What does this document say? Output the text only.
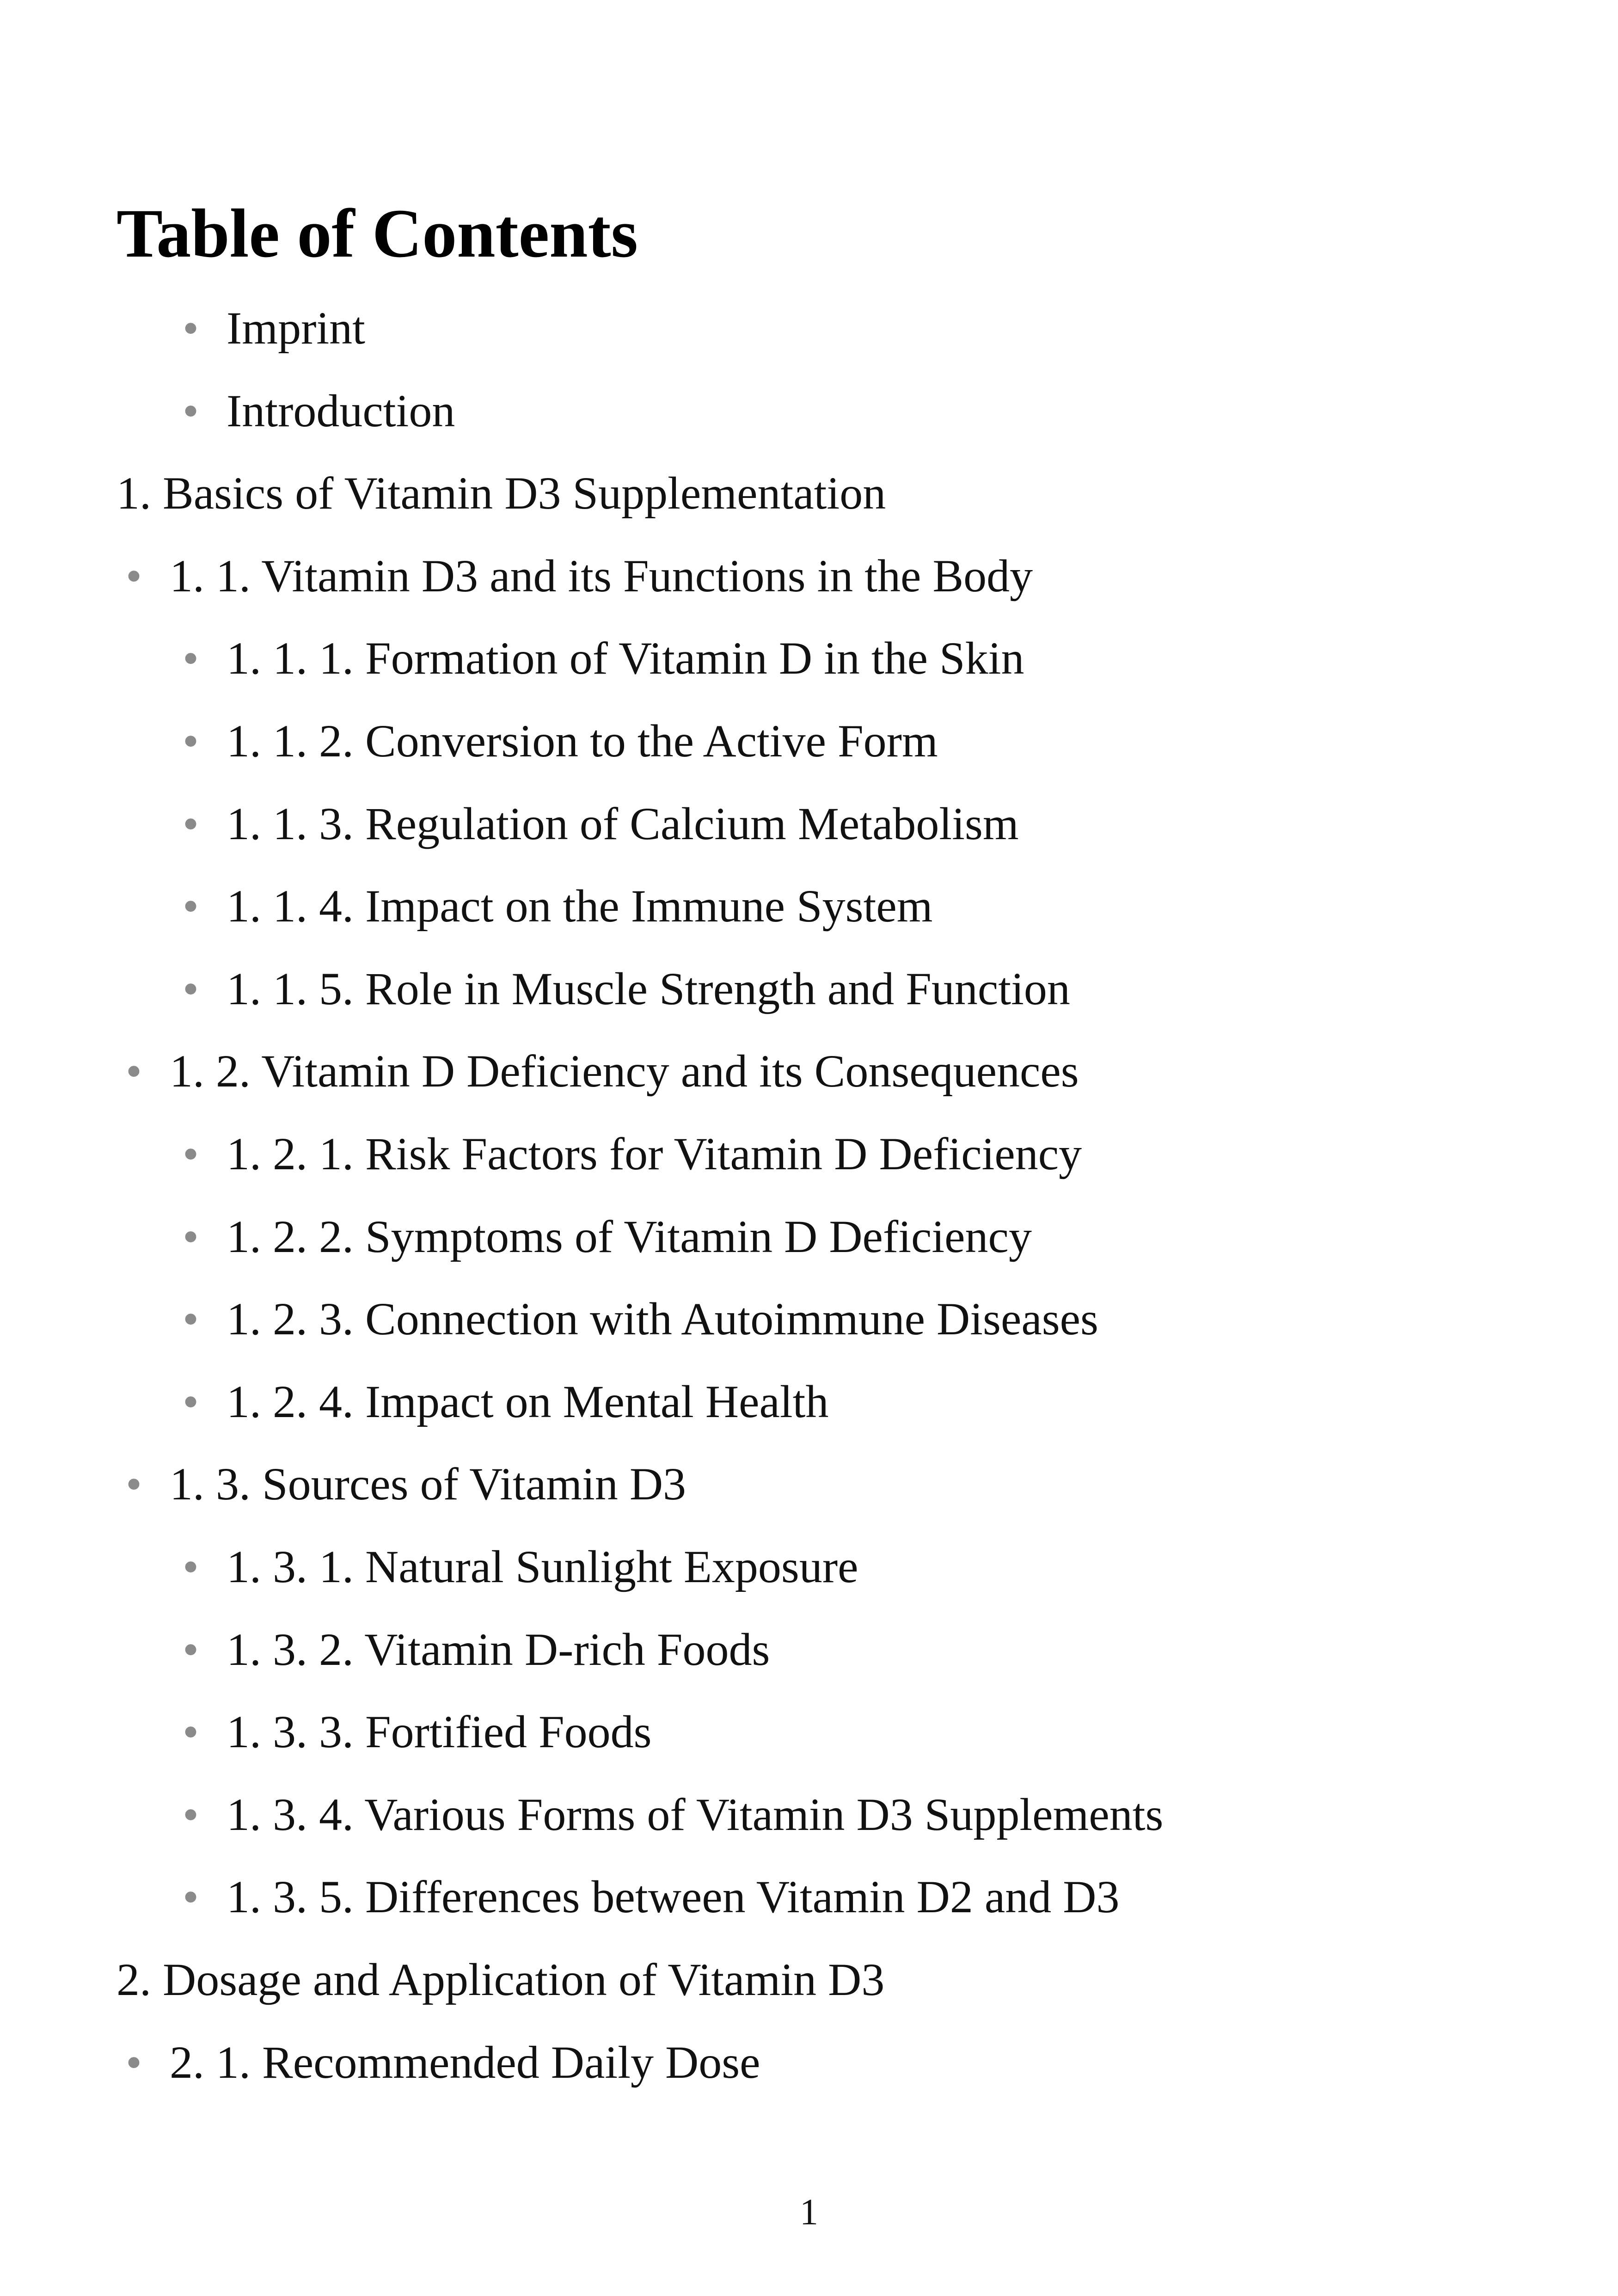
Table of Contents
• Imprint
• Introduction
1. Basics of Vitamin D3 Supplementation
• 1. 1. Vitamin D3 and its Functions in the Body
• 1. 1. 1. Formation of Vitamin D in the Skin
• 1. 1. 2. Conversion to the Active Form
• 1. 1. 3. Regulation of Calcium Metabolism
• 1. 1. 4. Impact on the Immune System
• 1. 1. 5. Role in Muscle Strength and Function
• 1. 2. Vitamin D Deficiency and its Consequences
• 1. 2. 1. Risk Factors for Vitamin D Deficiency
• 1. 2. 2. Symptoms of Vitamin D Deficiency
• 1. 2. 3. Connection with Autoimmune Diseases
• 1. 2. 4. Impact on Mental Health
• 1. 3. Sources of Vitamin D3
• 1. 3. 1. Natural Sunlight Exposure
• 1. 3. 2. Vitamin D-rich Foods
• 1. 3. 3. Fortified Foods
• 1. 3. 4. Various Forms of Vitamin D3 Supplements
• 1. 3. 5. Differences between Vitamin D2 and D3
2. Dosage and Application of Vitamin D3
• 2. 1. Recommended Daily Dose
1
